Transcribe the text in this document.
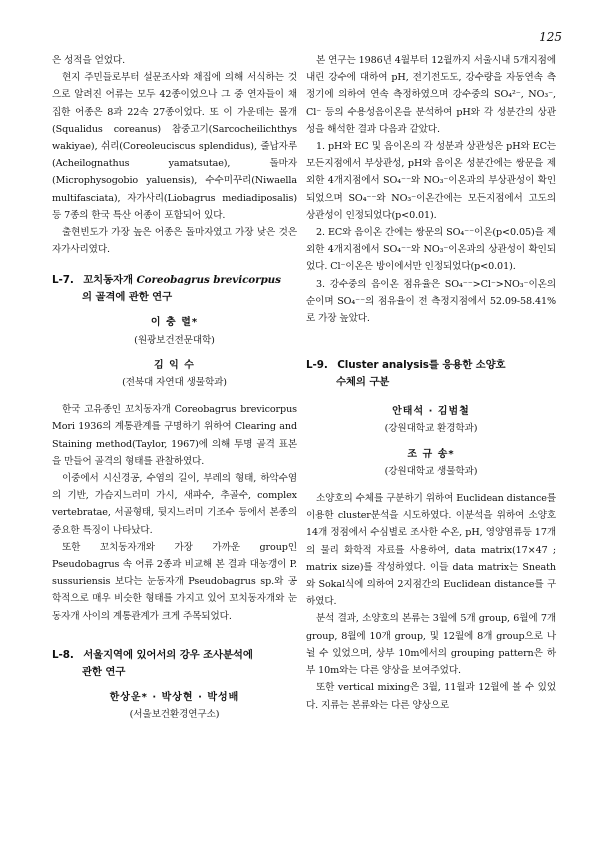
125

은 성적을 얻었다.

현지 주민들로부터 설문조사와 채집에 의해 서식하는 것으로 알려진 어류는 모두 42종이었으나 그 중 연자들이 채집한 어종은 8과 22속 27종이었다. 또 이 가운데는 몰개(Squalidus coreanus) 참중고기(Sarcocheilichthys wakiyae), 쉬리(Coreoleuciscus splendidus), 줄납자루(Acheilognathus yamatsutae), 돌마자(Microphysogobio yaluensis), 수수미꾸리(Niwaella multifasciata), 자가사리(Liobagrus mediadiposalis)등 7종의 한국 특산 어종이 포함되어 있다.

출현빈도가 가장 높은 어종은 돌마자였고 가장 낮은 것은 자가사리였다.

L-7. 꼬치동자개 Coreobagrus brevicorpus
의 골격에 관한 연구
이 충 렬*
(원광보건전문대학)
김 익 수
(전북대 자연대 생물학과)

한국 고유종인 꼬치동자개 Coreobagrus brevicorpus Mori 1936의 계통관계를 구명하기 위하여 Clearing and Staining method(Taylor, 1967)에 의해 투명 골격 표본을 만들어 골격의 형태를 관찰하였다.

이중에서 시신경공, 수염의 길이, 부레의 형태, 하악수염의 기반, 가슴지느러미 가시, 새파수, 추골수, complex vertebratae, 서골형태, 뒷지느러미 기조수 등에서 본종의 중요한 특징이 나타났다.

또한 꼬치동자개와 가장 가까운 group인 Pseudobagrus 속 어류 2종과 비교해 본 결과 대농갱이 P. sussuriensis 보다는 눈동자개 Pseudobagrus sp.와 공학적으로 매우 비슷한 형태를 가지고 있어 꼬치동자개와 눈동자개 사이의 계통관계가 크게 주목되었다.

L-8. 서울지역에 있어서의 강우 조사분석에
관한 연구
한상운* · 박상현 · 박성배
(서울보건환경연구소)

본 연구는 1986년 4월부터 12월까지 서울시내 5개지점에 내린 강수에 대하여 pH, 전기전도도, 강수량을 자동연속 측정기에 의하여 연속 측정하였으며 강수중의 SO₄²⁻, NO₃⁻, Cl⁻ 등의 수용성음이온을 분석하여 pH와 각 성분간의 상관성을 해석한 결과 다음과 같았다.

1. pH와 EC 및 음이온의 각 성분과 상관성은 pH와 EC는 모든지점에서 부상관성, pH와 음이온 성분간에는 쌍문을 제외한 4개지점에서 SO₄⁻⁻와 NO₃⁻이온과의 부상관성이 확인되었으며 SO₄⁻⁻와 NO₃⁻이온간에는 모든지점에서 고도의 상관성이 인정되었다(p<0.01).

2. EC와 음이온 간에는 쌍문의 SO₄⁻⁻이온(p<0.05)을 제외한 4개지점에서 SO₄⁻⁻와 NO₃⁻이온과의 상관성이 확인되었다. Cl⁻이온은 방이에서만 인정되었다(p<0.01).

3. 강수중의 음이온 점유율은 SO₄⁻⁻>Cl⁻>NO₃⁻이온의 순이며 SO₄⁻⁻의 점유율이 전 측정지점에서 52.09-58.41%로 가장 높았다.

L-9. Cluster analysis를 응용한 소양호
수체의 구분
안태석 · 김범철
(강원대학교 환경학과)
조 규 송*
(강원대학교 생물학과)

소양호의 수체를 구분하기 위하여 Euclidean distance를 이용한 cluster분석을 시도하였다. 이분석을 위하여 소양호 14개 정점에서 수심별로 조사한 수온, pH, 영양염류등 17개의 물리 화학적 자료를 사용하여, data matrix(17×47 ; matrix size)를 작성하였다. 이들 data matrix는 Sneath와 Sokal식에 의하여 2지점간의 Euclidean distance를 구하였다.

분석 결과, 소양호의 본류는 3월에 5개 group, 6월에 7개 group, 8월에 10개 group, 및 12월에 8개 group으로 나뉠 수 있었으며, 상부 10m에서의 grouping pattern은 하부 10m와는 다른 양상을 보여주었다.

또한 vertical mixing은 3월, 11월과 12월에 볼 수 있었다. 지류는 본류와는 다른 양상으로
